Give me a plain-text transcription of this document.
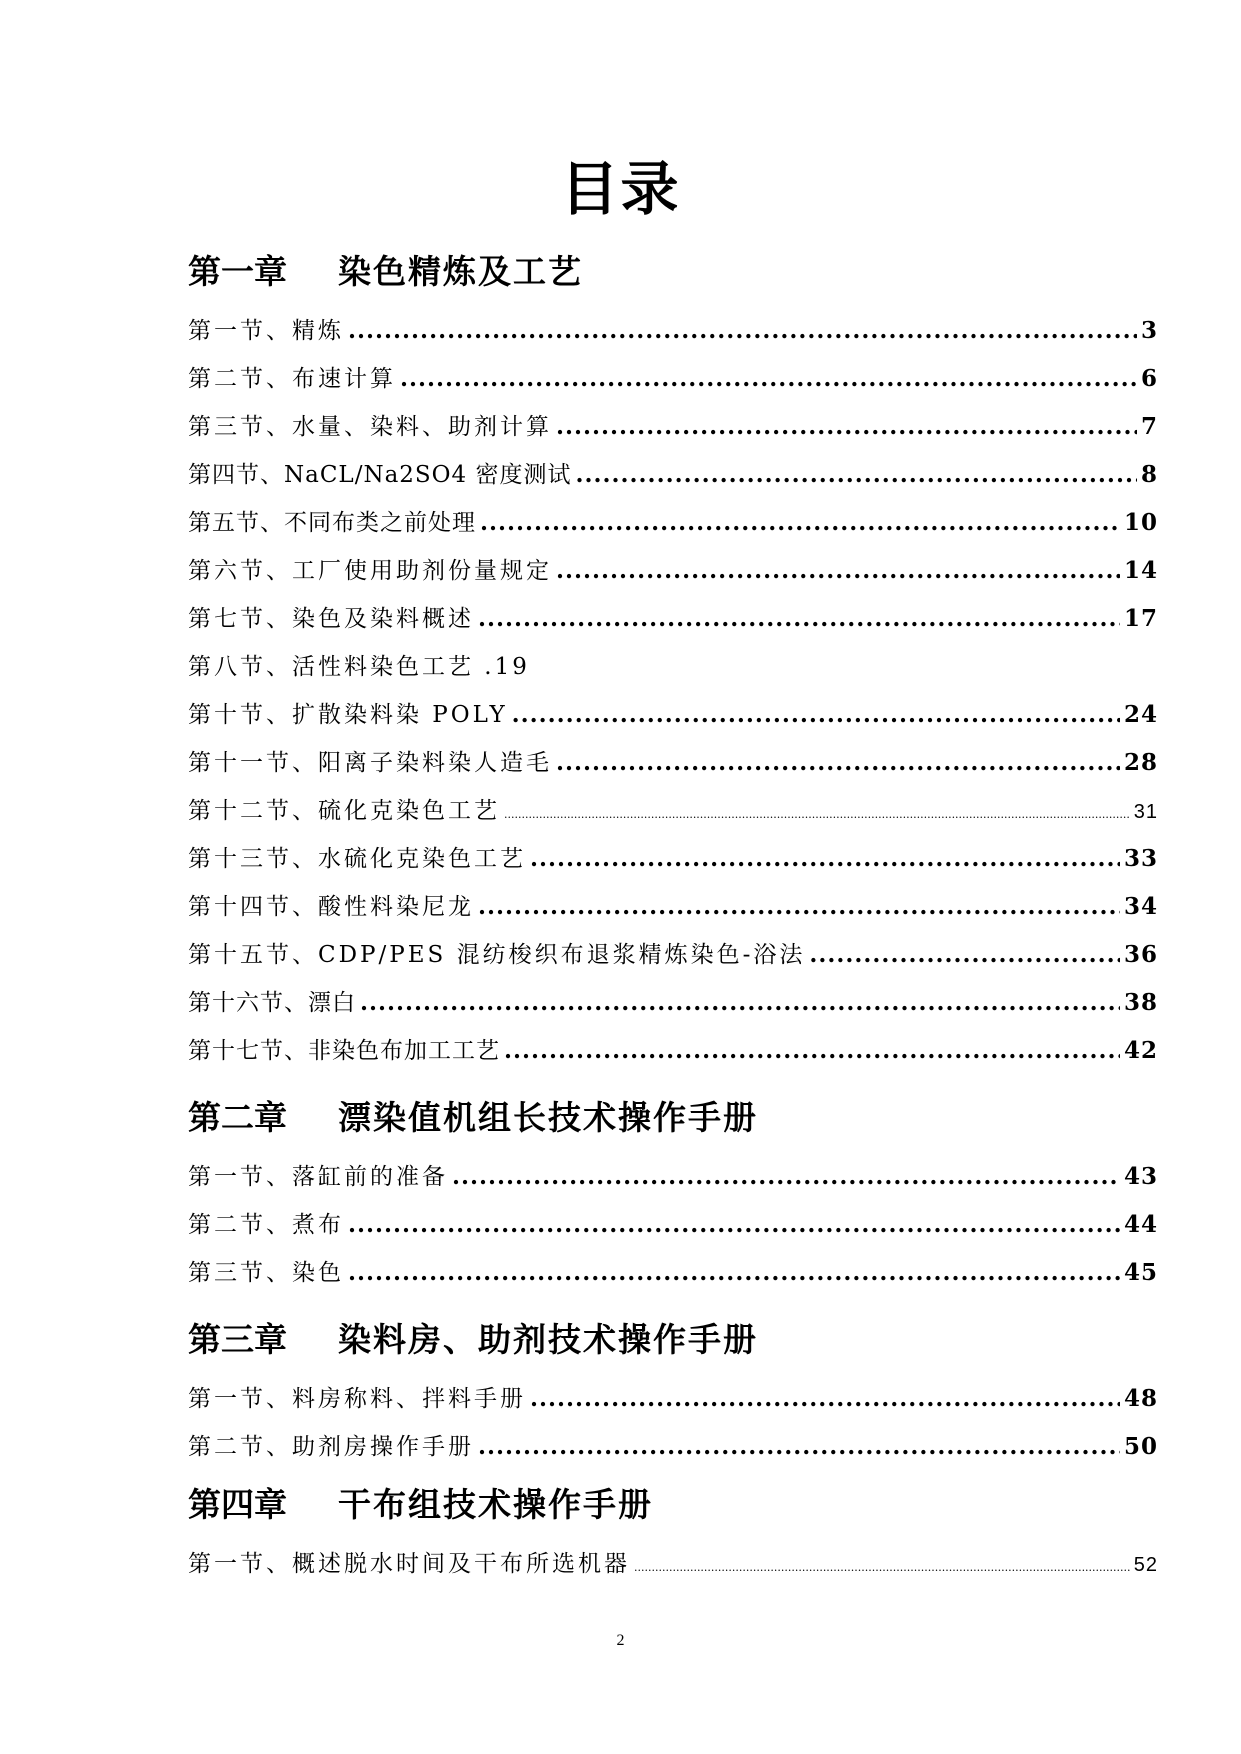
目录
第一章 染色精炼及工艺
第一节、精炼 .....	3
第二节、布速计算 .....	6
第三节、水量、染料、助剂计算 .....	7
第四节、NaCL/Na2SO4 密度测试 .....	8
第五节、不同布类之前处理 .....	10
第六节、工厂使用助剂份量规定 .....	14
第七节、染色及染料概述 .....	17
第八节、活性料染色工艺 .19
第十节、扩散染料染 POLY .....	24
第十一节、阳离子染料染人造毛 .....	28
第十二节、硫化克染色工艺 .....	31
第十三节、水硫化克染色工艺 .....	33
第十四节、酸性料染尼龙 .....	34
第十五节、CDP/PES 混纺梭织布退浆精炼染色-浴法 .....	36
第十六节、漂白 .....	38
第十七节、非染色布加工工艺 .....	42
第二章 漂染值机组长技术操作手册
第一节、落缸前的准备 .....	43
第二节、煮布 .....	44
第三节、染色 .....	45
第三章 染料房、助剂技术操作手册
第一节、料房称料、拌料手册 .....	48
第二节、助剂房操作手册 .....	50
第四章 干布组技术操作手册
第一节、概述脱水时间及干布所选机器 .....	52
2
